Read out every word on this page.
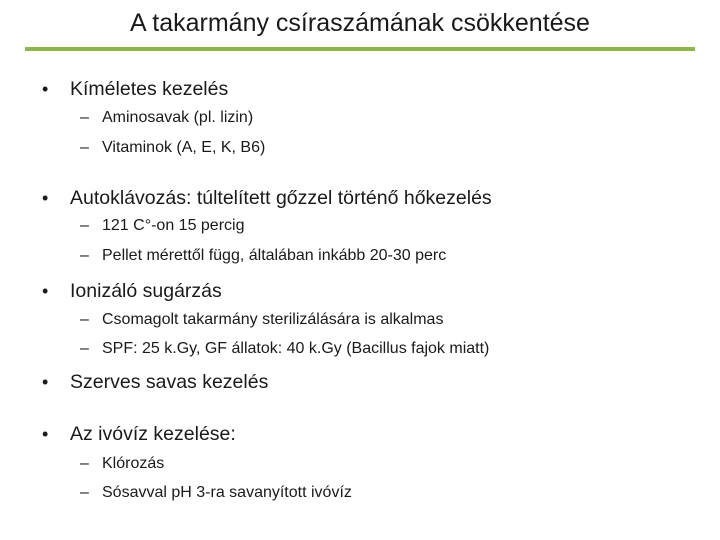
A takarmány csíraszámának csökkentése
• Kíméletes kezelés
– Aminosavak (pl. lizin)
– Vitaminok (A, E, K, B6)
• Autoklávozás: túltelített gőzzel történő hőkezelés
– 121 C°-on 15 percig
– Pellet mérettől függ, általában inkább 20-30 perc
• Ionizáló sugárzás
– Csomagolt takarmány sterilizálására is alkalmas
– SPF: 25 k.Gy, GF állatok: 40 k.Gy (Bacillus fajok miatt)
• Szerves savas kezelés
• Az ivóvíz kezelése:
– Klórozás
– Sósavval pH 3-ra savanyított ivóvíz
